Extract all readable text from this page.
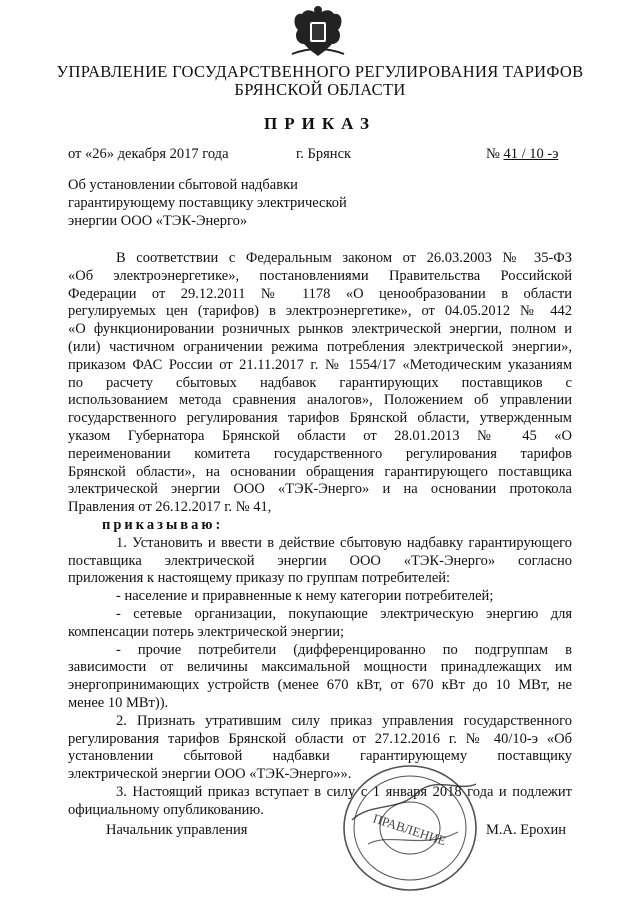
УПРАВЛЕНИЕ ГОСУДАРСТВЕННОГО РЕГУЛИРОВАНИЯ ТАРИФОВ
БРЯНСКОЙ ОБЛАСТИ
ПРИКАЗ
от «26» декабря 2017 года	г. Брянск	№ 41 / 10 -э
Об установлении сбытовой надбавки
гарантирующему поставщику электрической
энергии ООО «ТЭК-Энерго»
В соответствии с Федеральным законом от 26.03.2003 № 35-ФЗ
«Об электроэнергетике», постановлениями Правительства Российской
Федерации от 29.12.2011 № 1178 «О ценообразовании в области
регулируемых цен (тарифов) в электроэнергетике», от 04.05.2012 № 442
«О функционировании розничных рынков электрической энергии, полном и
(или) частичном ограничении режима потребления электрической энергии»,
приказом ФАС России от 21.11.2017 г. № 1554/17 «Методическим указаниям
по расчету сбытовых надбавок гарантирующих поставщиков с
использованием метода сравнения аналогов», Положением об управлении
государственного регулирования тарифов Брянской области, утвержденным
указом Губернатора Брянской области от 28.01.2013 № 45 «О
переименовании комитета государственного регулирования тарифов
Брянской области», на основании обращения гарантирующего поставщика
электрической энергии ООО «ТЭК-Энерго» и на основании протокола
Правления от 26.12.2017 г. № 41,
приказываю:
1. Установить и ввести в действие сбытовую надбавку гарантирующего
поставщика электрической энергии ООО «ТЭК-Энерго» согласно
приложения к настоящему приказу по группам потребителей:
- население и приравненные к нему категории потребителей;
- сетевые организации, покупающие электрическую энергию для
компенсации потерь электрической энергии;
- прочие потребители (дифференцированно по подгруппам в
зависимости от величины максимальной мощности принадлежащих им
энергопринимающих устройств (менее 670 кВт, от 670 кВт до 10 МВт, не
менее 10 МВт)).
2. Признать утратившим силу приказ управления государственного
регулирования тарифов Брянской области от 27.12.2016 г. № 40/10-э «Об
установлении сбытовой надбавки гарантирующему поставщику
электрической энергии ООО «ТЭК-Энерго»».
3. Настоящий приказ вступает в силу с 1 января 2018 года и подлежит
официальному опубликованию.
Начальник управления	М.А. Ерохин
ПРАВЛЕНИЕ
